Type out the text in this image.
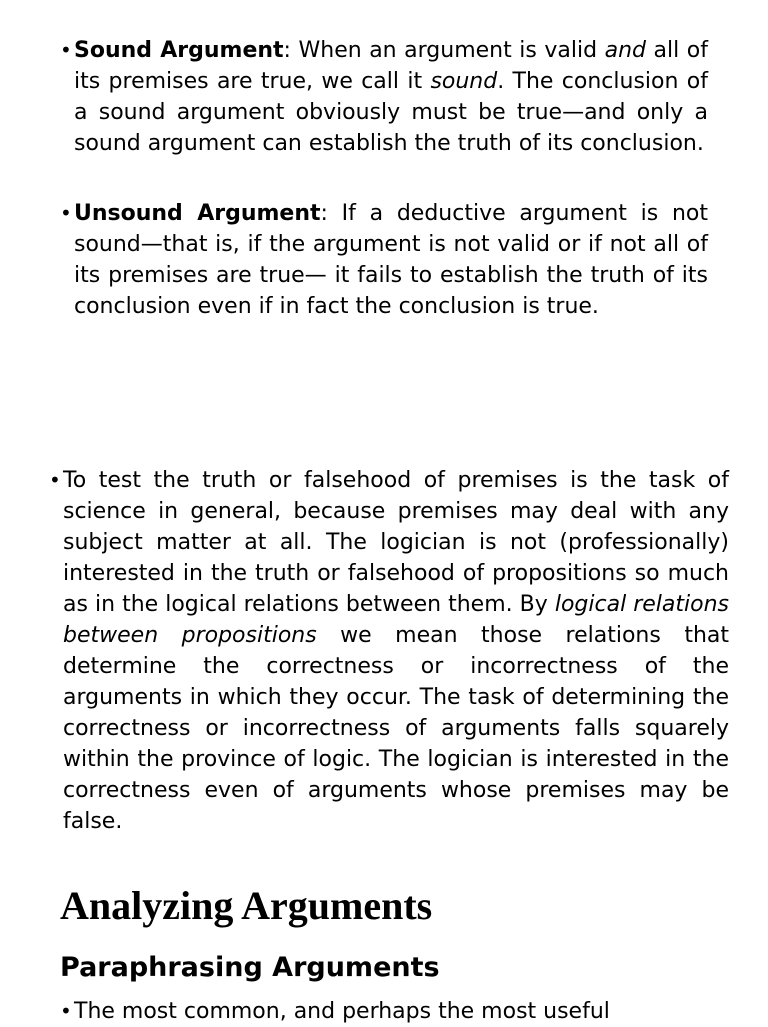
• Sound Argument: When an argument is valid and all of its premises are true, we call it sound. The conclusion of a sound argument obviously must be true—and only a sound argument can establish the truth of its conclusion.
• Unsound Argument: If a deductive argument is not sound—that is, if the argument is not valid or if not all of its premises are true— it fails to establish the truth of its conclusion even if in fact the conclusion is true.
• To test the truth or falsehood of premises is the task of science in general, because premises may deal with any subject matter at all. The logician is not (professionally) interested in the truth or falsehood of propositions so much as in the logical relations between them. By logical relations between propositions we mean those relations that determine the correctness or incorrectness of the arguments in which they occur. The task of determining the correctness or incorrectness of arguments falls squarely within the province of logic. The logician is interested in the correctness even of arguments whose premises may be false.
Analyzing Arguments
Paraphrasing Arguments
• The most common, and perhaps the most useful
